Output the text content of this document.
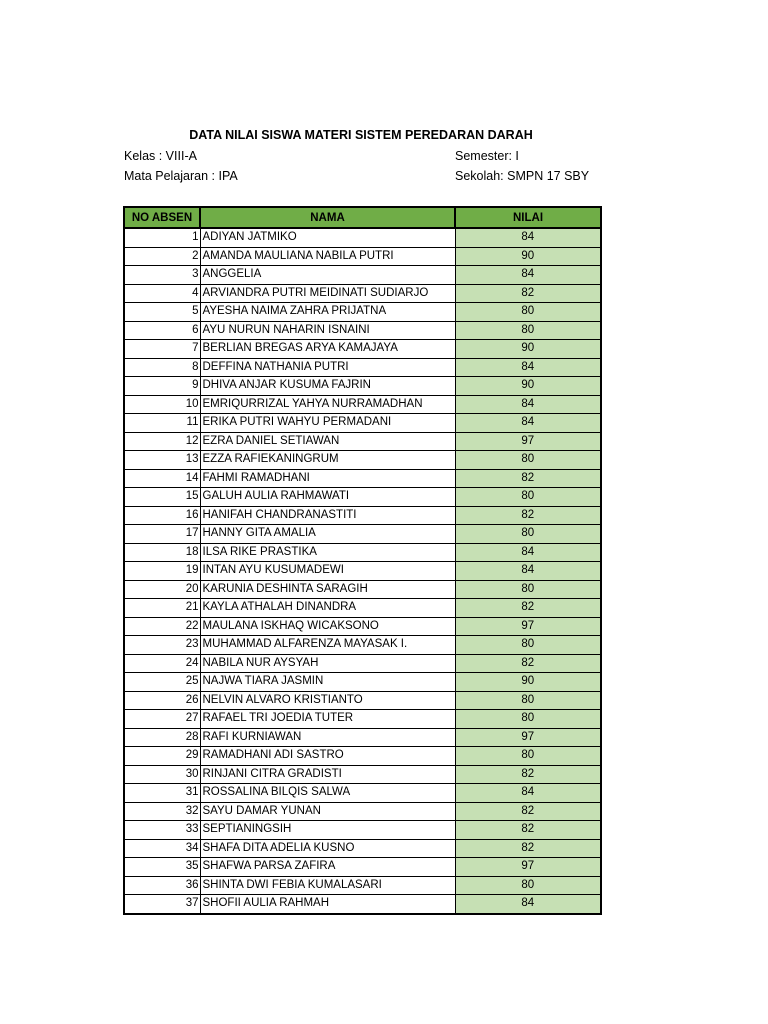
DATA NILAI SISWA MATERI SISTEM PEREDARAN DARAH
Kelas : VIII-A	Semester: I
Mata Pelajaran : IPA	Sekolah: SMPN 17 SBY
NO ABSEN	NAMA	NILAI
1	ADIYAN JATMIKO	84
2	AMANDA MAULIANA NABILA PUTRI	90
3	ANGGELIA	84
4	ARVIANDRA PUTRI MEIDINATI SUDIARJO	82
5	AYESHA NAIMA ZAHRA PRIJATNA	80
6	AYU NURUN NAHARIN ISNAINI	80
7	BERLIAN BREGAS ARYA KAMAJAYA	90
8	DEFFINA NATHANIA PUTRI	84
9	DHIVA ANJAR KUSUMA FAJRIN	90
10	EMRIQURRIZAL YAHYA NURRAMADHAN	84
11	ERIKA PUTRI WAHYU PERMADANI	84
12	EZRA DANIEL SETIAWAN	97
13	EZZA RAFIEKANINGRUM	80
14	FAHMI RAMADHANI	82
15	GALUH AULIA RAHMAWATI	80
16	HANIFAH CHANDRANASTITI	82
17	HANNY GITA AMALIA	80
18	ILSA RIKE PRASTIKA	84
19	INTAN AYU KUSUMADEWI	84
20	KARUNIA DESHINTA SARAGIH	80
21	KAYLA ATHALAH DINANDRA	82
22	MAULANA ISKHAQ WICAKSONO	97
23	MUHAMMAD ALFARENZA MAYASAK I.	80
24	NABILA NUR AYSYAH	82
25	NAJWA TIARA JASMIN	90
26	NELVIN ALVARO KRISTIANTO	80
27	RAFAEL TRI JOEDIA TUTER	80
28	RAFI KURNIAWAN	97
29	RAMADHANI ADI SASTRO	80
30	RINJANI CITRA GRADISTI	82
31	ROSSALINA BILQIS SALWA	84
32	SAYU DAMAR YUNAN	82
33	SEPTIANINGSIH	82
34	SHAFA DITA ADELIA KUSNO	82
35	SHAFWA PARSA ZAFIRA	97
36	SHINTA DWI FEBIA KUMALASARI	80
37	SHOFII AULIA RAHMAH	84
